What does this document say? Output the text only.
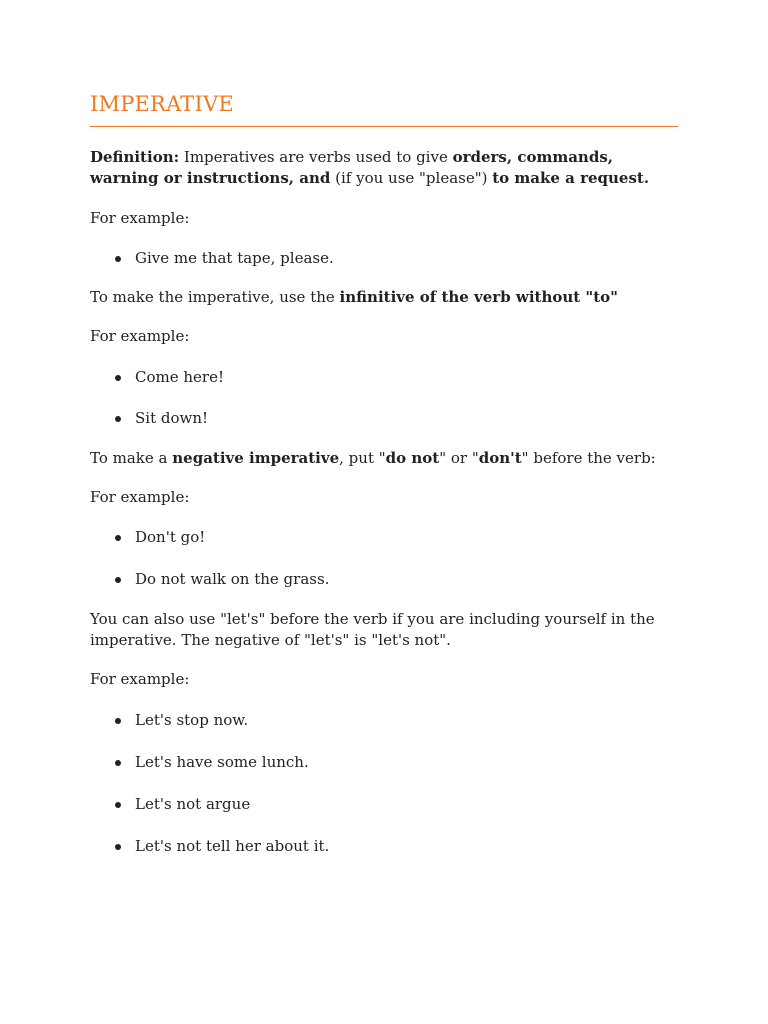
IMPERATIVE

Definition: Imperatives are verbs used to give orders, commands, warning or instructions, and (if you use "please") to make a request.

For example:

Give me that tape, please.

To make the imperative, use the infinitive of the verb without "to"

For example:

Come here!
Sit down!

To make a negative imperative, put "do not" or "don't" before the verb:

For example:

Don't go!
Do not walk on the grass.

You can also use "let's" before the verb if you are including yourself in the imperative. The negative of "let's" is "let's not".

For example:

Let's stop now.
Let's have some lunch.
Let's not argue
Let's not tell her about it.
